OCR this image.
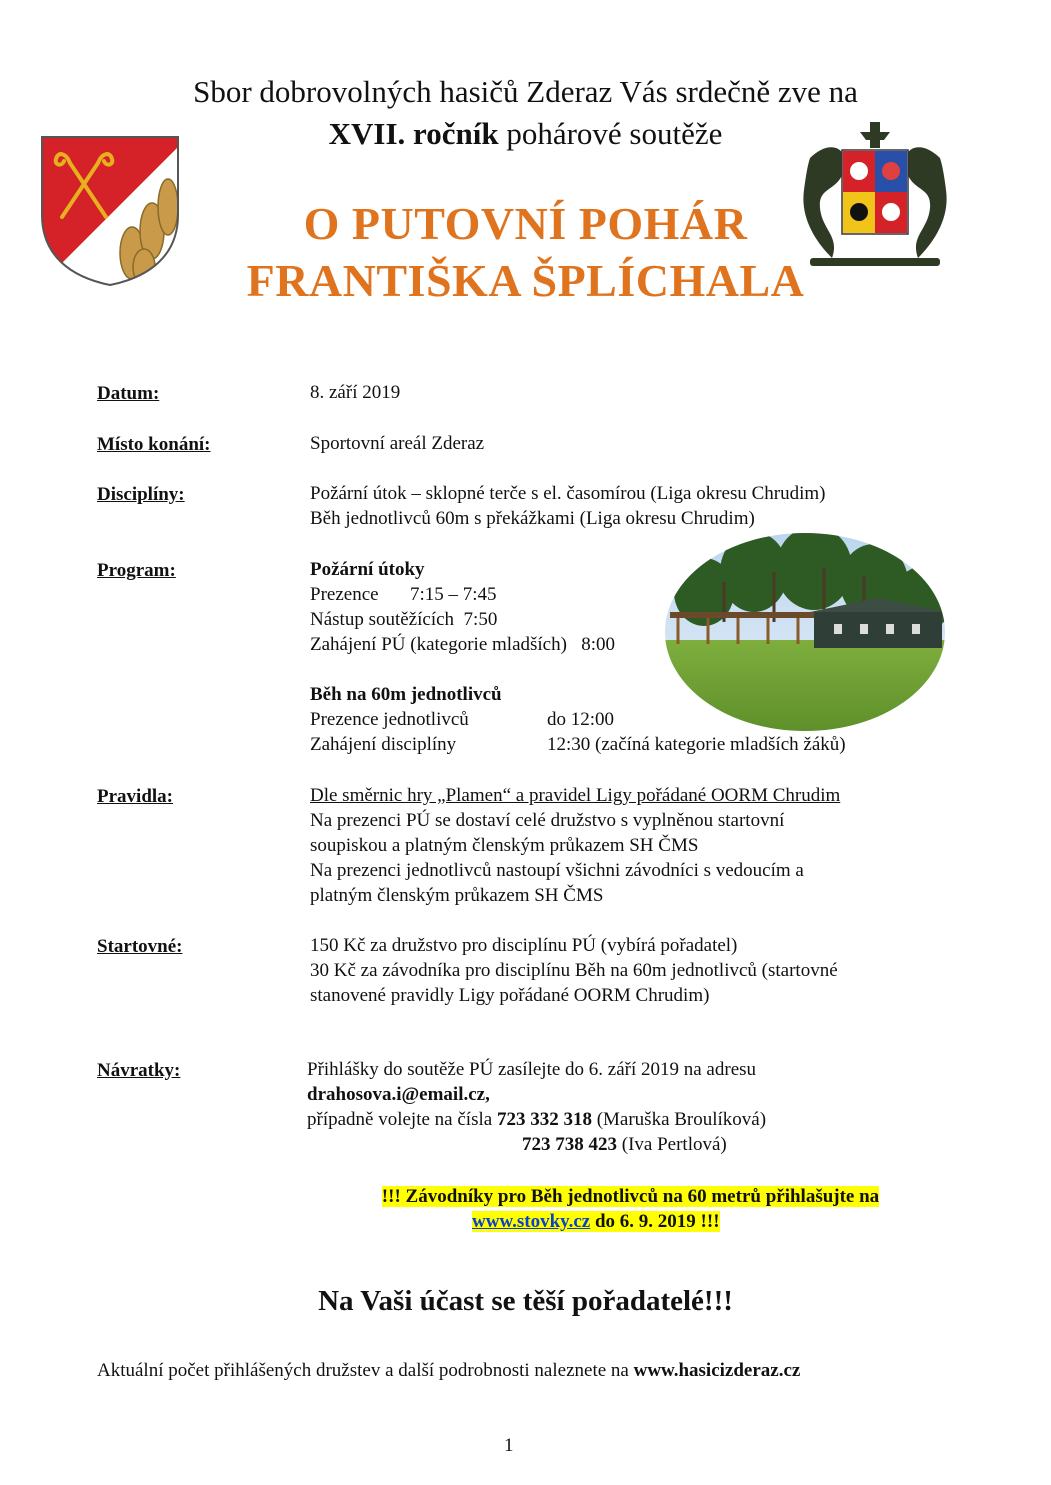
Sbor dobrovolných hasičů Zderaz Vás srdečně zve na
XVII. ročník pohárové soutěže
O PUTOVNÍ POHÁR
FRANTIŠKA ŠPLÍCHALA
Datum:	8. září 2019
Místo konání:	Sportovní areál Zderaz
Disciplíny:	Požární útok – sklopné terče s el. časomírou (Liga okresu Chrudim)
Běh jednotlivců 60m s překážkami (Liga okresu Chrudim)
Program:	Požární útoky
Prezence 7:15 – 7:45
Nástup soutěžících 7:50
Zahájení PÚ (kategorie mladších) 8:00
Běh na 60m jednotlivců
Prezence jednotlivců	do 12:00
Zahájení disciplíny	12:30 (začíná kategorie mladších žáků)
Pravidla:	Dle směrnic hry „Plamen“ a pravidel Ligy pořádané OORM Chrudim
Na prezenci PÚ se dostaví celé družstvo s vyplněnou startovní
soupiskou a platným členským průkazem SH ČMS
Na prezenci jednotlivců nastoupí všichni závodníci s vedoucím a
platným členským průkazem SH ČMS
Startovné:	150 Kč za družstvo pro disciplínu PÚ (vybírá pořadatel)
30 Kč za závodníka pro disciplínu Běh na 60m jednotlivců (startovné
stanovené pravidly Ligy pořádané OORM Chrudim)
Návratky:	Přihlášky do soutěže PÚ zasílejte do 6. září 2019 na adresu
drahosova.i@email.cz,
případně volejte na čísla 723 332 318 (Maruška Broulíková)
723 738 423 (Iva Pertlová)
!!! Závodníky pro Běh jednotlivců na 60 metrů přihlašujte na
www.stovky.cz do 6. 9. 2019 !!!
Na Vaši účast se těší pořadatelé!!!
Aktuální počet přihlášených družstev a další podrobnosti naleznete na www.hasicizderaz.cz
1
